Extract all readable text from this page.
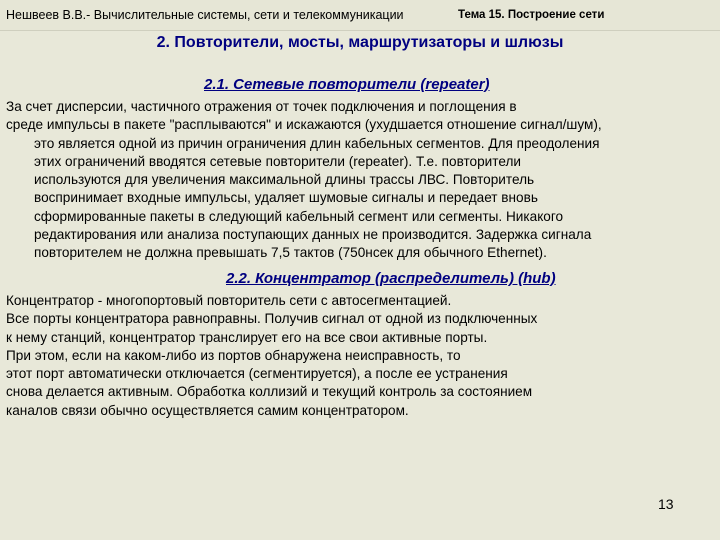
Нешвеев В.В.- Вычислительные системы, сети и телекоммуникации	Тема 15. Построение сети
2. Повторители, мосты, маршрутизаторы и шлюзы
2.1. Сетевые повторители (repeater)
За счет дисперсии, частичного отражения от точек подключения и поглощения в
среде импульсы в пакете "расплываются" и искажаются (ухудшается отношение сигнал/шум),
это является одной из причин ограничения длин кабельных сегментов. Для преодоления
этих ограничений вводятся сетевые повторители (repeater). Т.е. повторители
используются для увеличения максимальной длины трассы ЛВС. Повторитель
воспринимает входные импульсы, удаляет шумовые сигналы и передает вновь
сформированные пакеты в следующий кабельный сегмент или сегменты. Никакого
редактирования или анализа поступающих данных не производится. Задержка сигнала
повторителем не должна превышать 7,5 тактов (750нсек для обычного Ethernet).
2.2. Концентратор (распределитель) (hub)
Концентратор - многопортовый повторитель сети с автосегментацией.
Все порты концентратора равноправны. Получив сигнал от одной из подключенных
к нему станций, концентратор транслирует его на все свои активные порты.
При этом, если на каком-либо из портов обнаружена неисправность, то
этот порт автоматически отключается (сегментируется), а после ее устранения
снова делается активным. Обработка коллизий и текущий контроль за состоянием
каналов связи обычно осуществляется самим концентратором.
13
